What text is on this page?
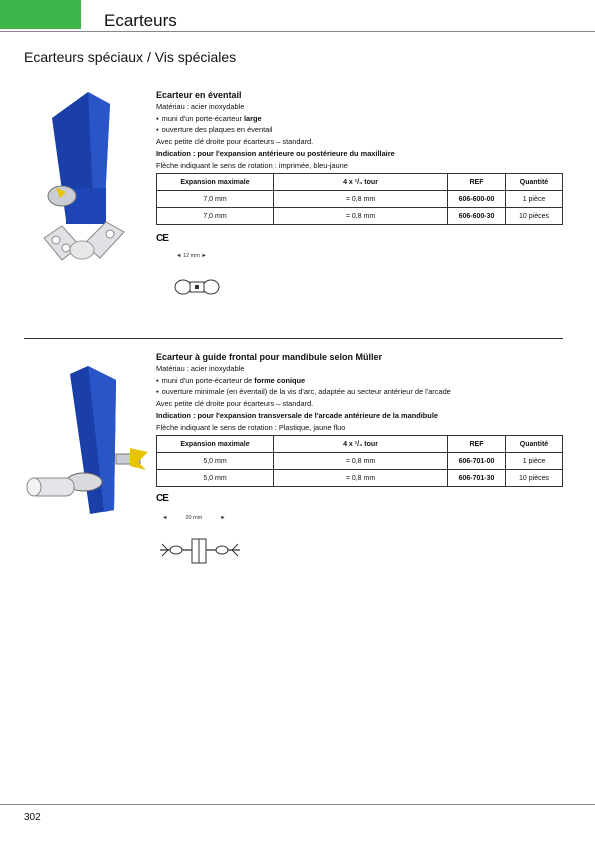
Ecarteurs
Ecarteurs spéciaux / Vis spéciales
Ecarteur en éventail
Matériau : acier inoxydable
▪ muni d'un porte-écarteur large
▪ ouverture des plaques en éventail
Avec petite clé droite pour écarteurs – standard.
Indication : pour l'expansion antérieure ou postérieure du maxillaire
Flèche indiquant le sens de rotation : imprimée, bleu-jaune
Expansion maximale	4 x ¹/₄ tour	REF	Quantité
7,0 mm	= 0,8 mm	606-600-00	1 pièce
7,0 mm	= 0,8 mm	606-600-30	10 pièces
CE
◄ 12 mm ►
Ecarteur à guide frontal pour mandibule selon Müller
Matériau : acier inoxydable
▪ muni d'un porte-écarteur de forme conique
▪ ouverture minimale (en éventail) de la vis d'arc, adaptée au secteur antérieur de l'arcade
Avec petite clé droite pour écarteurs – standard.
Indication : pour l'expansion transversale de l'arcade antérieure de la mandibule
Flèche indiquant le sens de rotation : Plastique, jaune fluo
Expansion maximale	4 x ¹/₄ tour	REF	Quantité
5,0 mm	= 0,8 mm	606-701-00	1 pièce
5,0 mm	= 0,8 mm	606-701-30	10 pièces
CE
◄	20 mm	►
302
